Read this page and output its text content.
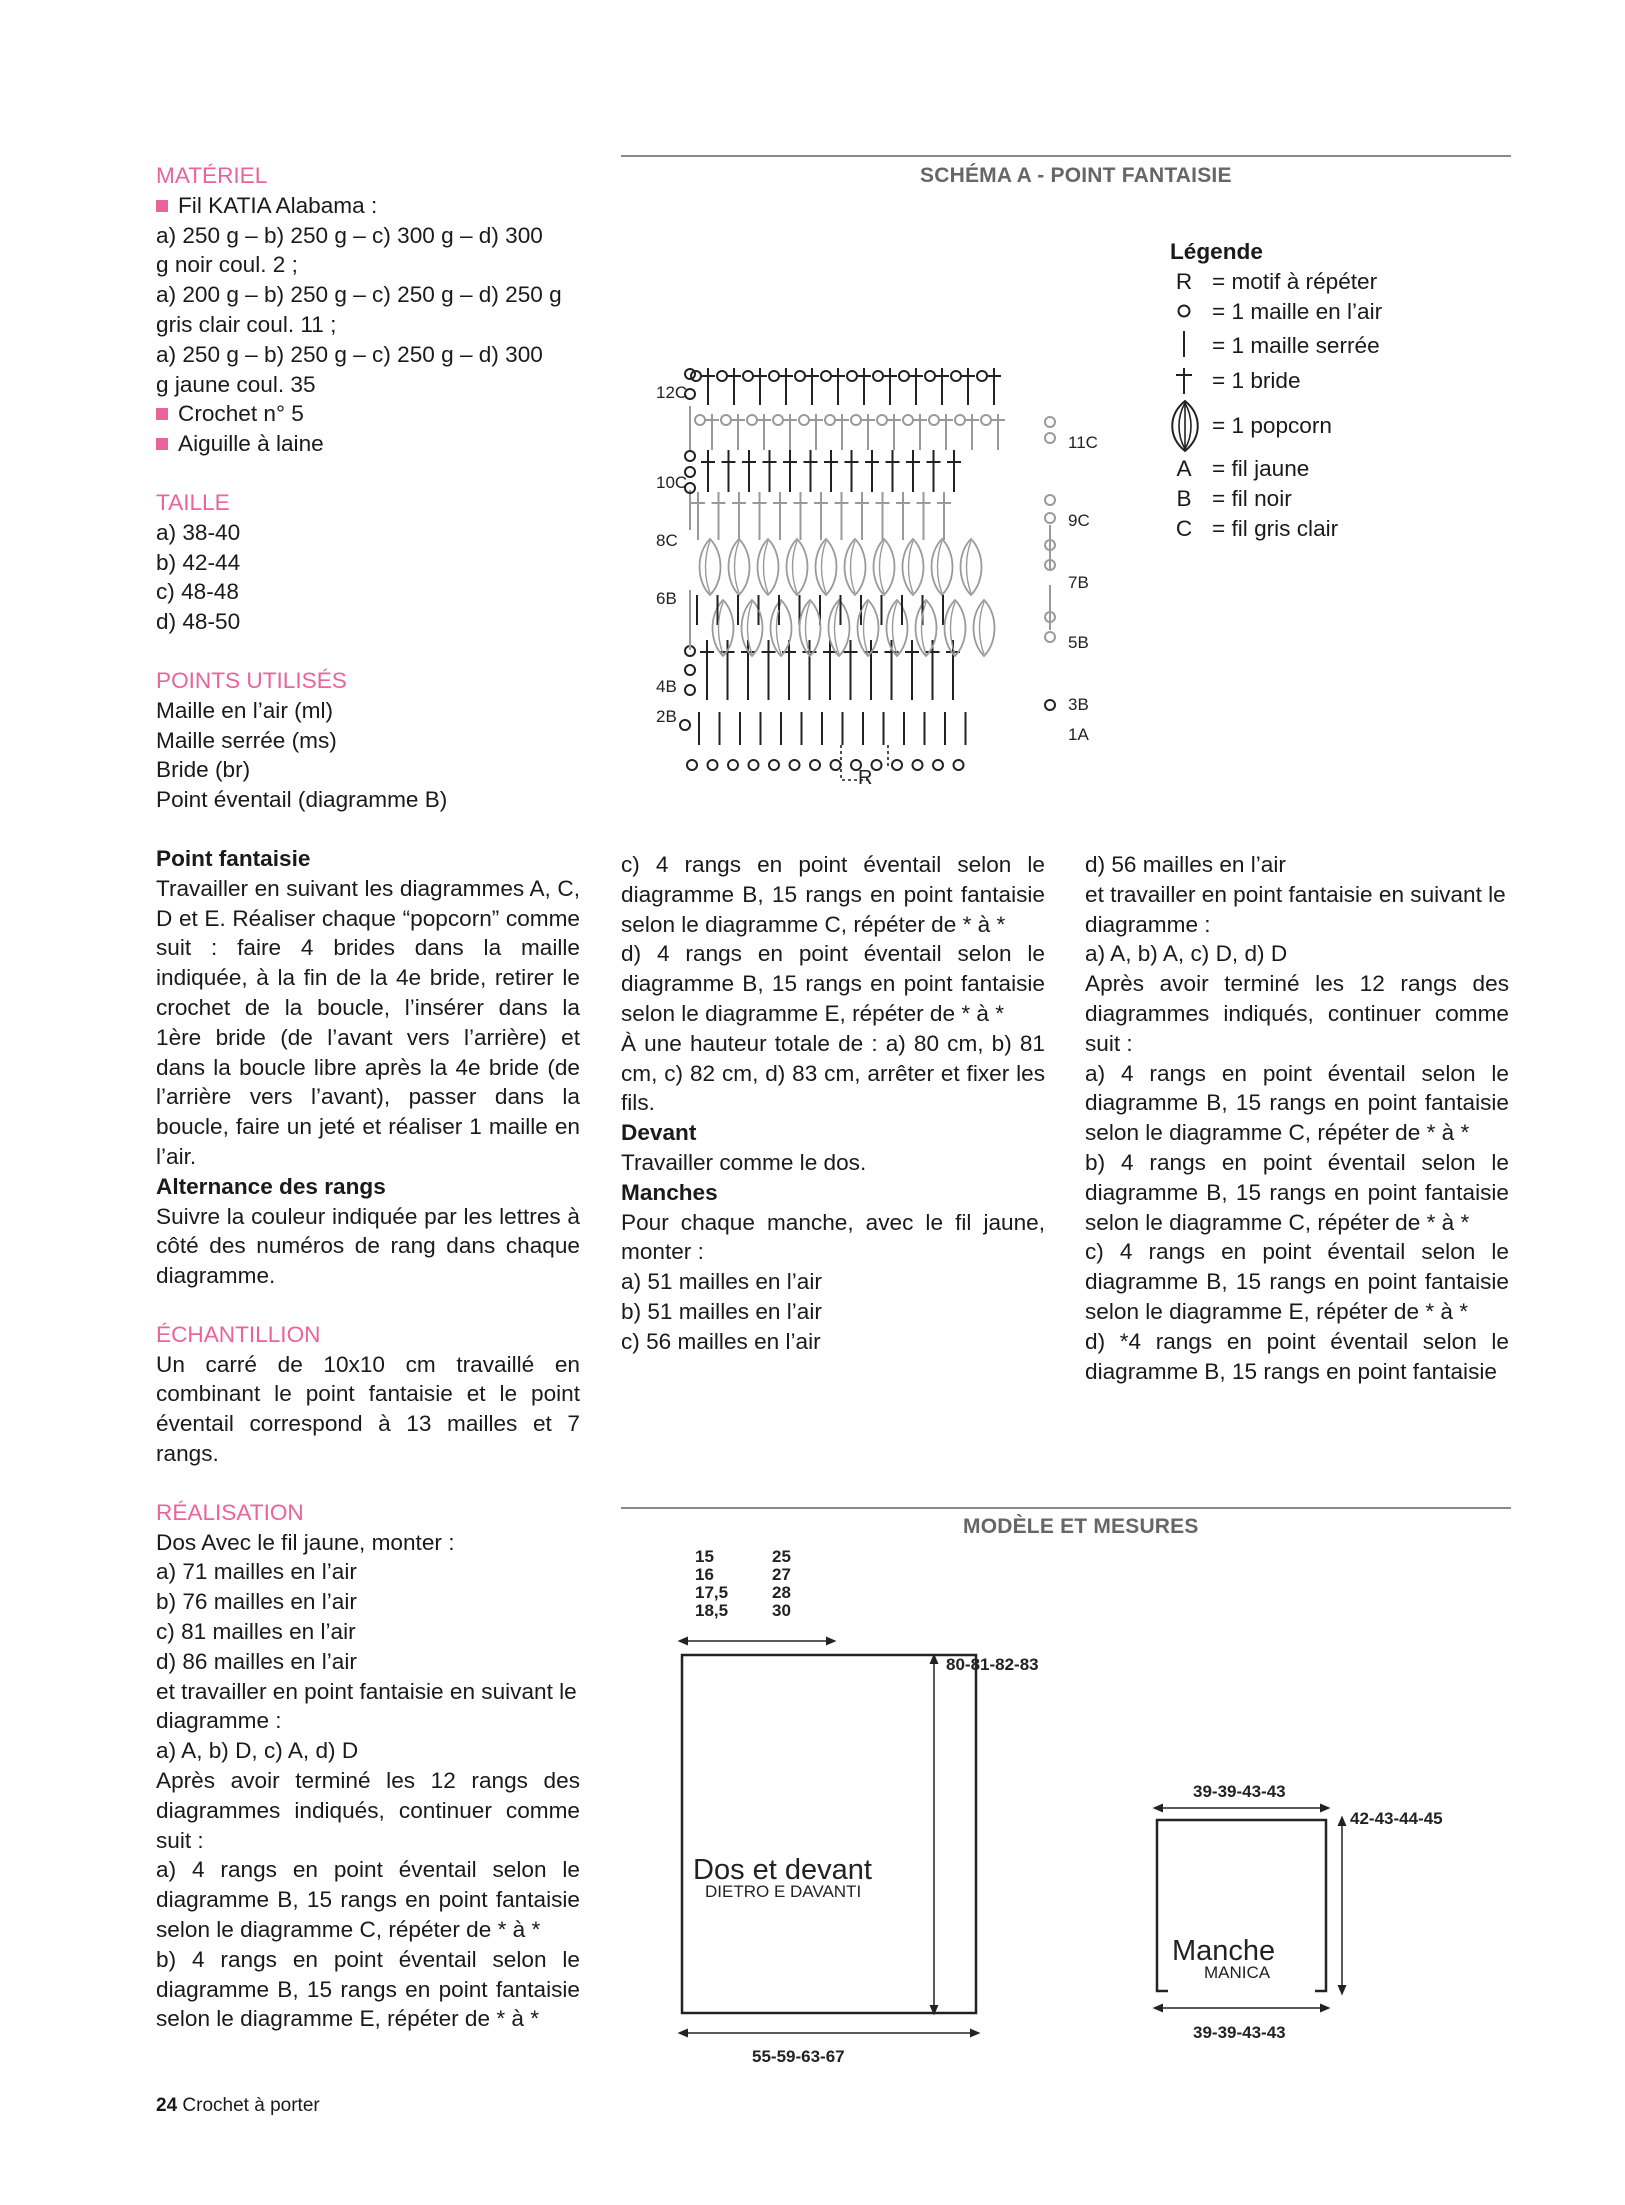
MATÉRIEL

Fil KATIA Alabama :

a) 250 g – b) 250 g – c) 300 g – d) 300

g noir coul. 2 ;

a) 200 g – b) 250 g – c) 250 g – d) 250 g

gris clair coul. 11 ;

a) 250 g – b) 250 g – c) 250 g – d) 300

g jaune coul. 35

Crochet n° 5

Aiguille à laine

TAILLE

a) 38-40

b) 42-44

c) 48-48

d) 48-50

POINTS UTILISÉS

Maille en l’air (ml)

Maille serrée (ms)

Bride (br)

Point éventail (diagramme B)

Point fantaisie

Travailler en suivant les diagrammes A, C, D et E. Réaliser chaque “popcorn” comme suit : faire 4 brides dans la maille indiquée, à la fin de la 4e bride, retirer le crochet de la boucle, l’insérer dans la 1ère bride (de l’avant vers l’arrière) et dans la boucle libre après la 4e bride (de l’arrière vers l’avant), passer dans la boucle, faire un jeté et réaliser 1 maille en l’air.

Alternance des rangs

Suivre la couleur indiquée par les lettres à côté des numéros de rang dans chaque diagramme.

ÉCHANTILLION

Un carré de 10x10 cm travaillé en combinant le point fantaisie et le point éventail correspond à 13 mailles et 7 rangs.

RÉALISATION

Dos Avec le fil jaune, monter :

a) 71 mailles en l’air

b) 76 mailles en l’air

c) 81 mailles en l’air

d) 86 mailles en l’air

et travailler en point fantaisie en suivant le diagramme :

a) A, b) D, c) A, d) D

Après avoir terminé les 12 rangs des diagrammes indiqués, continuer comme suit :

a) 4 rangs en point éventail selon le diagramme B, 15 rangs en point fantaisie selon le diagramme C, répéter de * à *

b) 4 rangs en point éventail selon le diagramme B, 15 rangs en point fantaisie selon le diagramme E, répéter de * à *

c) 4 rangs en point éventail selon le diagramme B, 15 rangs en point fantaisie selon le diagramme C, répéter de * à *

d) 4 rangs en point éventail selon le diagramme B, 15 rangs en point fantaisie selon le diagramme E, répéter de * à *

À une hauteur totale de : a) 80 cm, b) 81 cm, c) 82 cm, d) 83 cm, arrêter et fixer les fils.

Devant

Travailler comme le dos.

Manches

Pour chaque manche, avec le fil jaune, monter :

a) 51 mailles en l’air

b) 51 mailles en l’air

c) 56 mailles en l’air

d) 56 mailles en l’air

et travailler en point fantaisie en suivant le diagramme :

a) A, b) A, c) D, d) D

Après avoir terminé les 12 rangs des diagrammes indiqués, continuer comme suit :

a) 4 rangs en point éventail selon le diagramme B, 15 rangs en point fantaisie selon le diagramme C, répéter de * à *

b) 4 rangs en point éventail selon le diagramme B, 15 rangs en point fantaisie selon le diagramme C, répéter de * à *

c) 4 rangs en point éventail selon le diagramme B, 15 rangs en point fantaisie selon le diagramme E, répéter de * à *

d) *4 rangs en point éventail selon le diagramme B, 15 rangs en point fantaisie

SCHÉMA A - POINT FANTAISIE
12C
10C
8C
6B
4B
2B
11C
9C
7B
5B
3B
1A
R
Légende
R = motif à répéter
= 1 maille en l’air
= 1 maille serrée
= 1 bride
= 1 popcorn
A = fil jaune
B = fil noir
C = fil gris clair
MODÈLE ET MESURES
15
16
17,5
18,5
25
27
28
30
80-81-82-83
55-59-63-67
Dos et devant
DIETRO E DAVANTI
39-39-43-43
42-43-44-45
39-39-43-43
Manche
MANICA
24 Crochet à porter
